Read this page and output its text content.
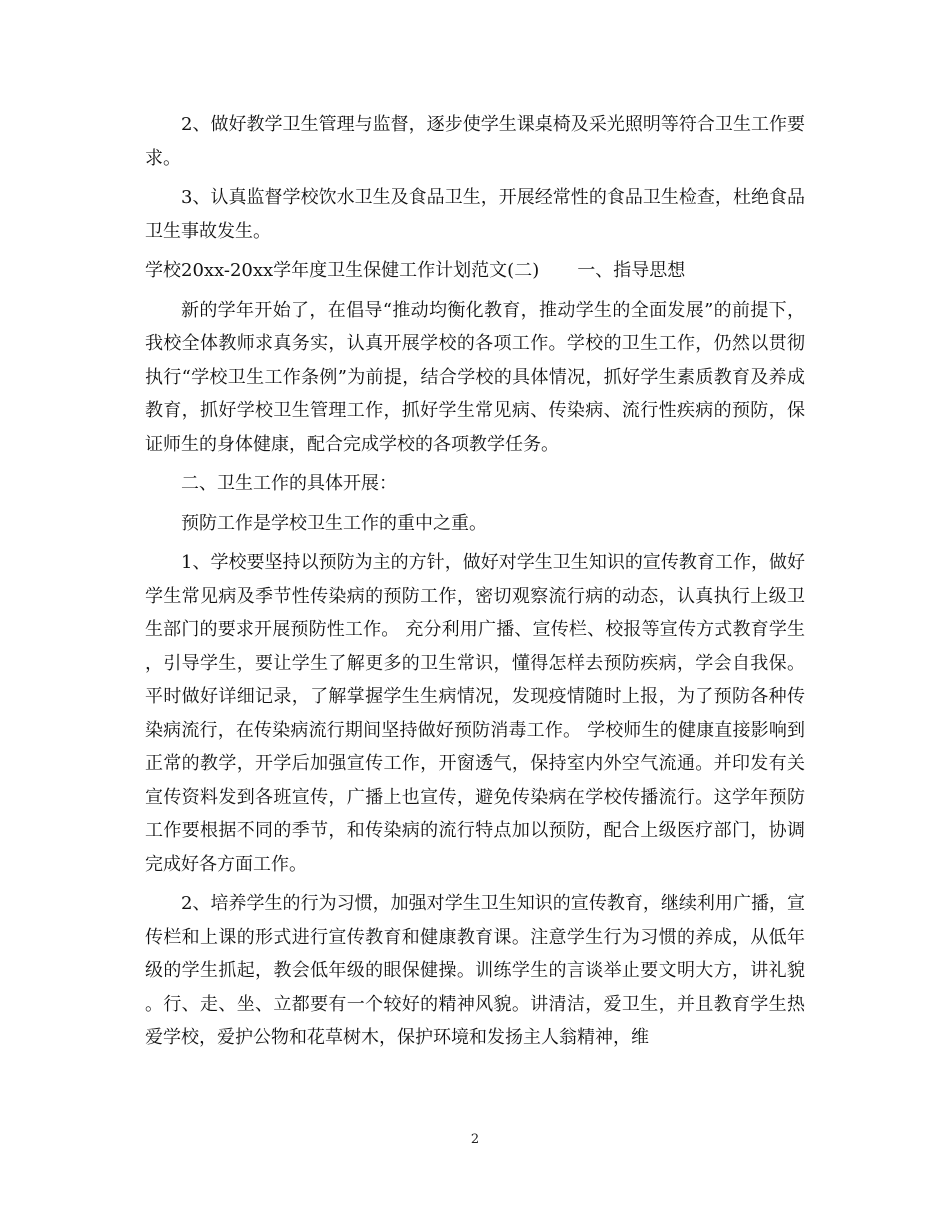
2、做好教学卫生管理与监督，逐步使学生课桌椅及采光照明等符合卫生工作要求。

3、认真监督学校饮水卫生及食品卫生，开展经常性的食品卫生检查，杜绝食品卫生事故发生。

学校20xx-20xx学年度卫生保健工作计划范文(二) 一、指导思想

新的学年开始了，在倡导“推动均衡化教育，推动学生的全面发展”的前提下，我校全体教师求真务实，认真开展学校的各项工作。学校的卫生工作，仍然以贯彻执行“学校卫生工作条例”为前提，结合学校的具体情况，抓好学生素质教育及养成教育，抓好学校卫生管理工作，抓好学生常见病、传染病、流行性疾病的预防，保证师生的身体健康，配合完成学校的各项教学任务。

二、卫生工作的具体开展：

预防工作是学校卫生工作的重中之重。

1、学校要坚持以预防为主的方针，做好对学生卫生知识的宣传教育工作，做好学生常见病及季节性传染病的预防工作，密切观察流行病的动态，认真执行上级卫生部门的要求开展预防性工作。 充分利用广播、宣传栏、校报等宣传方式教育学生，引导学生，要让学生了解更多的卫生常识，懂得怎样去预防疾病，学会自我保。平时做好详细记录，了解掌握学生生病情况，发现疫情随时上报，为了预防各种传染病流行，在传染病流行期间坚持做好预防消毒工作。 学校师生的健康直接影响到正常的教学，开学后加强宣传工作，开窗透气，保持室内外空气流通。并印发有关宣传资料发到各班宣传，广播上也宣传，避免传染病在学校传播流行。这学年预防工作要根据不同的季节，和传染病的流行特点加以预防，配合上级医疗部门，协调完成好各方面工作。

2、培养学生的行为习惯，加强对学生卫生知识的宣传教育，继续利用广播，宣传栏和上课的形式进行宣传教育和健康教育课。注意学生行为习惯的养成，从低年级的学生抓起，教会低年级的眼保健操。训练学生的言谈举止要文明大方，讲礼貌。行、走、坐、立都要有一个较好的精神风貌。讲清洁，爱卫生，并且教育学生热爱学校，爱护公物和花草树木，保护环境和发扬主人翁精神，维

2
